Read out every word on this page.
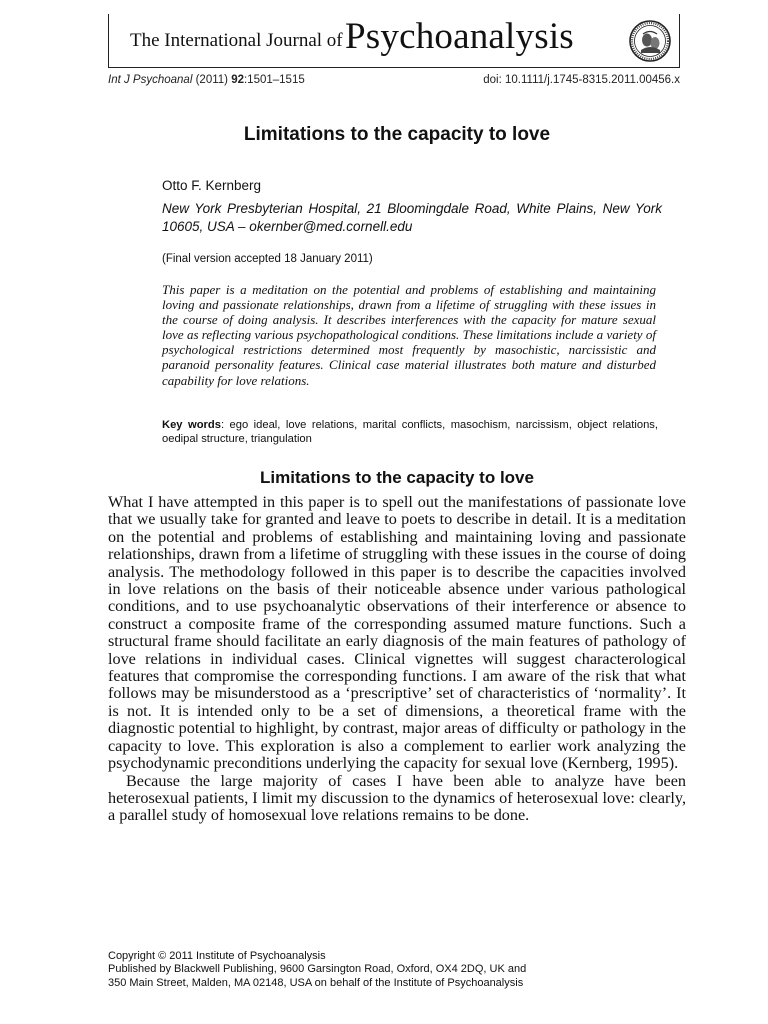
The International Journal of Psychoanalysis
Int J Psychoanal (2011) 92:1501–1515	doi: 10.1111/j.1745-8315.2011.00456.x
Limitations to the capacity to love
Otto F. Kernberg
New York Presbyterian Hospital, 21 Bloomingdale Road, White Plains, New York 10605, USA – okernber@med.cornell.edu
(Final version accepted 18 January 2011)
This paper is a meditation on the potential and problems of establishing and maintaining loving and passionate relationships, drawn from a lifetime of struggling with these issues in the course of doing analysis. It describes interferences with the capacity for mature sexual love as reflecting various psychopathological conditions. These limitations include a variety of psychological restrictions determined most frequently by masochistic, narcissistic and paranoid personality features. Clinical case material illustrates both mature and disturbed capability for love relations.
Key words: ego ideal, love relations, marital conflicts, masochism, narcissism, object relations, oedipal structure, triangulation
Limitations to the capacity to love

What I have attempted in this paper is to spell out the manifestations of passionate love that we usually take for granted and leave to poets to describe in detail. It is a meditation on the potential and problems of establishing and maintaining loving and passionate relationships, drawn from a lifetime of struggling with these issues in the course of doing analysis. The methodology followed in this paper is to describe the capacities involved in love relations on the basis of their noticeable absence under various pathological conditions, and to use psychoanalytic observations of their interference or absence to construct a composite frame of the corresponding assumed mature functions. Such a structural frame should facilitate an early diagnosis of the main features of pathology of love relations in individual cases. Clinical vignettes will suggest characterological features that compromise the corresponding functions. I am aware of the risk that what follows may be misunderstood as a ‘prescriptive’ set of characteristics of ‘normality’. It is not. It is intended only to be a set of dimensions, a theoretical frame with the diagnostic potential to highlight, by contrast, major areas of difficulty or pathology in the capacity to love. This exploration is also a complement to earlier work analyzing the psychodynamic preconditions underlying the capacity for sexual love (Kernberg, 1995).

Because the large majority of cases I have been able to analyze have been heterosexual patients, I limit my discussion to the dynamics of heterosexual love: clearly, a parallel study of homosexual love relations remains to be done.

Copyright © 2011 Institute of Psychoanalysis
Published by Blackwell Publishing, 9600 Garsington Road, Oxford, OX4 2DQ, UK and
350 Main Street, Malden, MA 02148, USA on behalf of the Institute of Psychoanalysis
